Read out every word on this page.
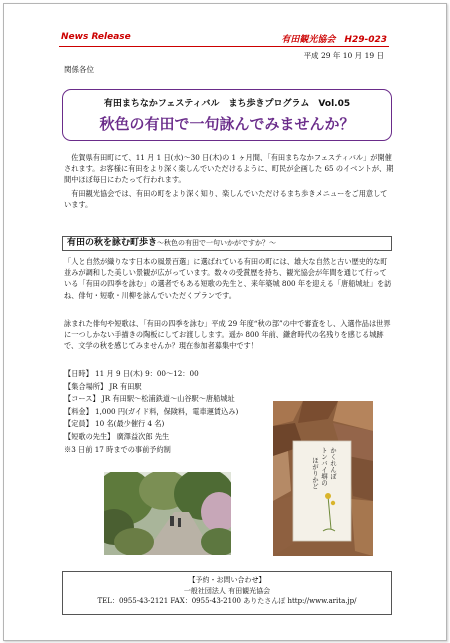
News Release	有田観光協会　H29-023
平成 29 年 10 月 19 日
関係各位
有田まちなかフェスティバル　まち歩きプログラム　Vol.05
秋色の有田で一句詠んでみませんか？

　佐賀県有田町にて、11 月 1 日(水)～30 日(木)の 1 ヶ月間、「有田まちなかフェスティバル」が開催されます。お客様に有田をより深く楽しんでいただけるように、町民が企画した 65 のイベントが、期間中ほぼ毎日にわたって行われます。

　有田観光協会では、有田の町をより深く知り、楽しんでいただけるまち歩きメニューをご用意しています。

有田の秋を詠む町歩き～秋色の有田で一句いかがですか？～

「人と自然が織りなす日本の風景百選」に選ばれている有田の町には、雄大な自然と古い歴史的な町並みが調和した美しい景観が広がっています。数々の受賞歴を持ち、観光協会が年間を通じて行っている「有田の四季を詠む」の選者でもある短歌の先生と、来年築城 800 年を迎える「唐船城址」を訪ね、俳句・短歌・川柳を詠んでいただくプランです。

詠まれた俳句や短歌は、「有田の四季を詠む」平成 29 年度“秋の部”の中で審査をし、入選作品は世界に一つしかない手描きの陶板にしてお渡しします。遥か 800 年前、鎌倉時代の名残りを感じる城跡で、文学の秋を感じてみませんか？現在参加者募集中です！

【日時】 11 月 9 日(木) 9：00～12：00
【集合場所】 JR 有田駅
【コース】 JR 有田駅～松浦鉄道～山谷駅～唐船城址
【料金】 1,000 円(ガイド料，保険料，電車運賃込み)
【定員】 10 名(最少催行 4 名)
【短歌の先生】 廣澤益次郎 先生
※3 日前 17 時までの事前予約制	かくれんぼ
トンバイ塀の
ほがりかど
【予約・お問い合わせ】
一般社団法人 有田観光協会
TEL：0955-43-2121 FAX：0955-43-2100 ありたさんぽ http://www.arita.jp/
